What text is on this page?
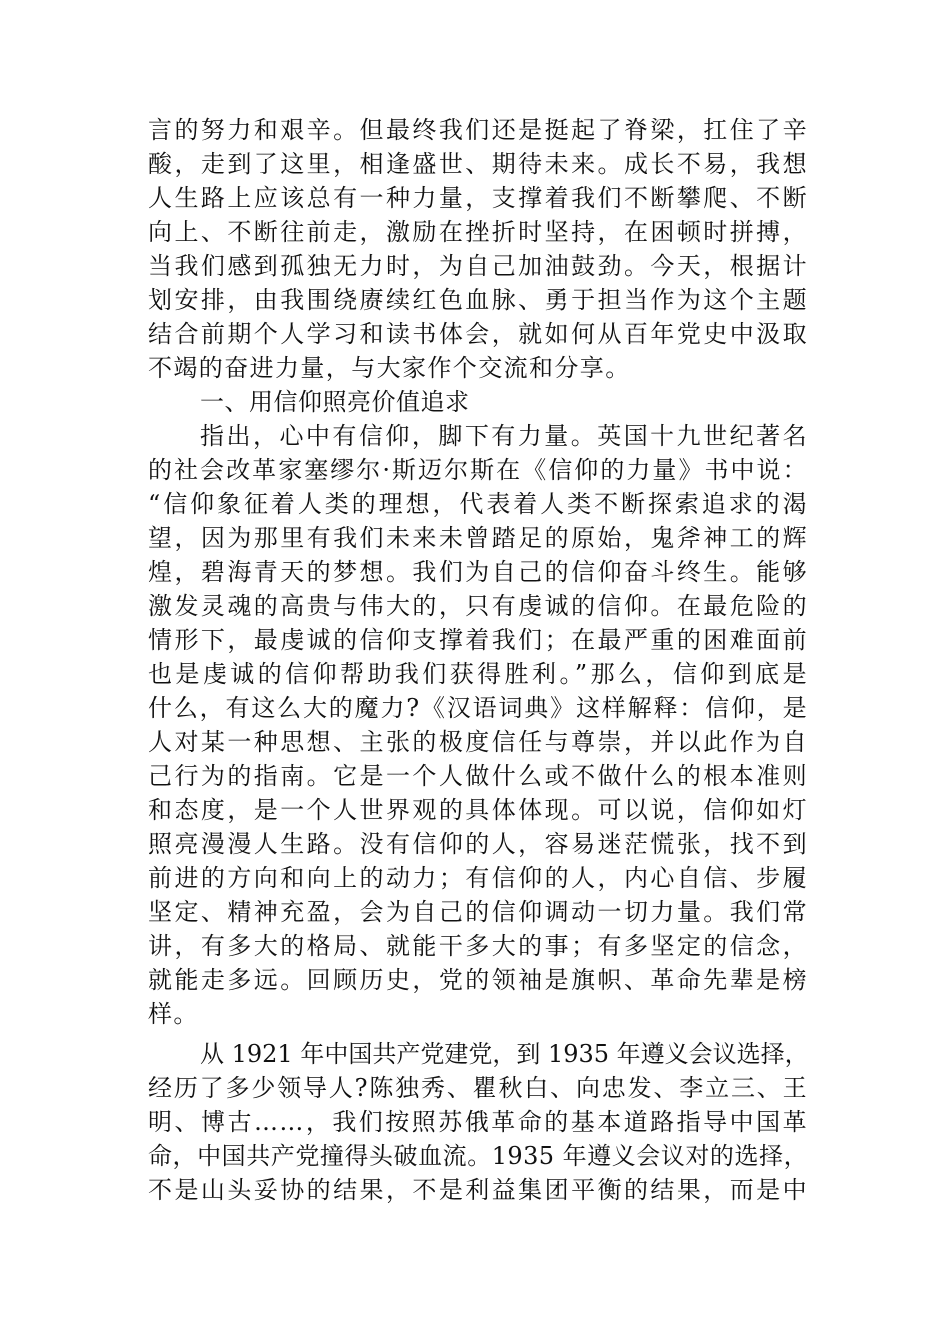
言的努力和艰辛。但最终我们还是挺起了脊梁，扛住了辛
酸，走到了这里，相逢盛世、期待未来。成长不易，我想
人生路上应该总有一种力量，支撑着我们不断攀爬、不断
向上、不断往前走，激励在挫折时坚持，在困顿时拼搏，
当我们感到孤独无力时，为自己加油鼓劲。今天，根据计
划安排，由我围绕赓续红色血脉、勇于担当作为这个主题
结合前期个人学习和读书体会，就如何从百年党史中汲取
不竭的奋进力量，与大家作个交流和分享。
一、用信仰照亮价值追求
指出，心中有信仰，脚下有力量。英国十九世纪著名
的社会改革家塞缪尔·斯迈尔斯在《信仰的力量》书中说：
“信仰象征着人类的理想，代表着人类不断探索追求的渴
望，因为那里有我们未来未曾踏足的原始，鬼斧神工的辉
煌，碧海青天的梦想。我们为自己的信仰奋斗终生。能够
激发灵魂的高贵与伟大的，只有虔诚的信仰。在最危险的
情形下，最虔诚的信仰支撑着我们；在最严重的困难面前
也是虔诚的信仰帮助我们获得胜利。”那么，信仰到底是
什么，有这么大的魔力?《汉语词典》这样解释：信仰，是
人对某一种思想、主张的极度信任与尊崇，并以此作为自
己行为的指南。它是一个人做什么或不做什么的根本准则
和态度，是一个人世界观的具体体现。可以说，信仰如灯
照亮漫漫人生路。没有信仰的人，容易迷茫慌张，找不到
前进的方向和向上的动力；有信仰的人，内心自信、步履
坚定、精神充盈，会为自己的信仰调动一切力量。我们常
讲，有多大的格局、就能干多大的事；有多坚定的信念，
就能走多远。回顾历史，党的领袖是旗帜、革命先辈是榜
样。
从 1921 年中国共产党建党，到 1935 年遵义会议选择，
经历了多少领导人?陈独秀、瞿秋白、向忠发、李立三、王
明、博古……，我们按照苏俄革命的基本道路指导中国革
命，中国共产党撞得头破血流。1935 年遵义会议对的选择，
不是山头妥协的结果，不是利益集团平衡的结果，而是中
